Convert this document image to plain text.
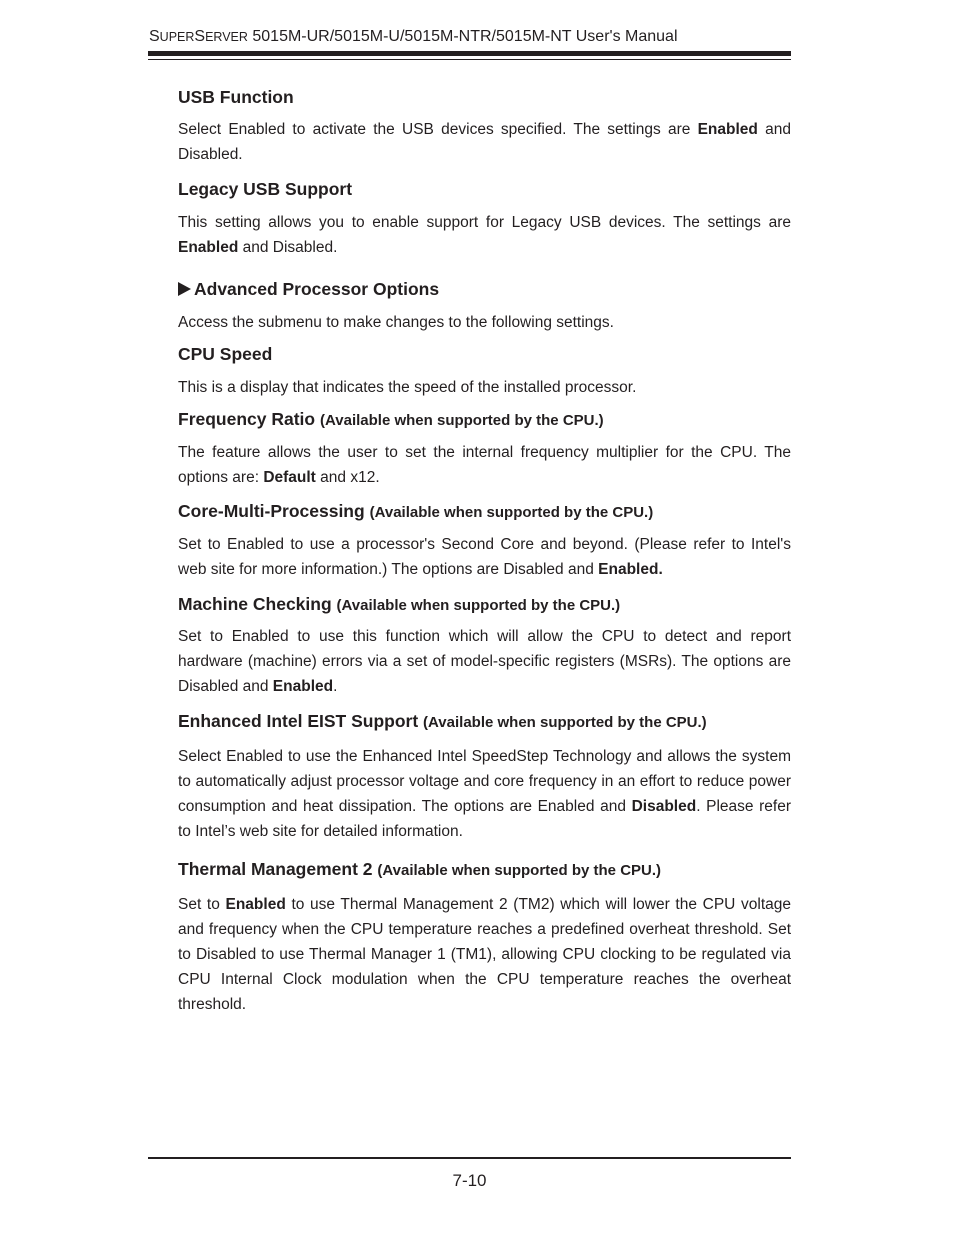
SUPERSERVER 5015M-UR/5015M-U/5015M-NTR/5015M-NT User's Manual
USB Function
Select Enabled to activate the USB devices specified. The settings are Enabled and Disabled.
Legacy USB Support
This setting allows you to enable support for Legacy USB devices. The settings are Enabled and Disabled.
Advanced Processor Options
Access the submenu to make changes to the following settings.
CPU Speed
This is a display that indicates the speed of the installed processor.
Frequency Ratio (Available when supported by the CPU.)
The feature allows the user to set the internal frequency multiplier for the CPU. The options are: Default and x12.
Core-Multi-Processing (Available when supported by the CPU.)
Set to Enabled to use a processor's Second Core and beyond. (Please refer to Intel's web site for more information.) The options are Disabled and Enabled.
Machine Checking (Available when supported by the CPU.)
Set to Enabled to use this function which will allow the CPU to detect and report hardware (machine) errors via a set of model-specific registers (MSRs). The options are Disabled and Enabled.
Enhanced Intel EIST Support (Available when supported by the CPU.)
Select Enabled to use the Enhanced Intel SpeedStep Technology and allows the system to automatically adjust processor voltage and core frequency in an effort to reduce power consumption and heat dissipation. The options are Enabled and Disabled. Please refer to Intel’s web site for detailed information.
Thermal Management 2 (Available when supported by the CPU.)
Set to Enabled to use Thermal Management 2 (TM2) which will lower the CPU voltage and frequency when the CPU temperature reaches a predefined overheat threshold. Set to Disabled to use Thermal Manager 1 (TM1), allowing CPU clocking to be regulated via CPU Internal Clock modulation when the CPU temperature reaches the overheat threshold.
7-10
